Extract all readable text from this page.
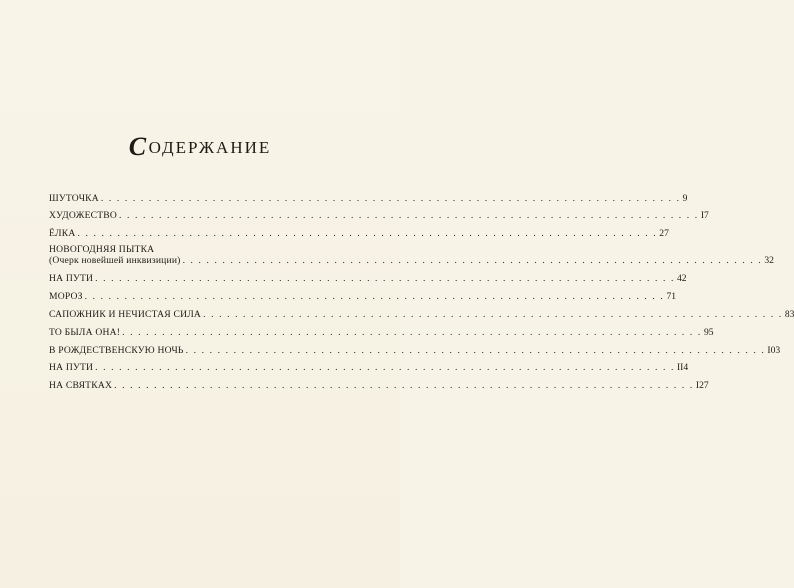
СОДЕРЖАНИЕ
ШУТОЧКА . . . . . . . . . . . . . . . . . . . . . . . . . . . . . . . . . . . . . . . . . . . . . . . . . . . . . . . . . . . . . . . . . . . . . . . . . 9
ХУДОЖЕСТВО . . . . . . . . . . . . . . . . . . . . . . . . . . . . . . . . . . . . . . . . . . . . . . . . . . . . . . . . . . . . . . . . . . . . . . . . . I7
ЁЛКА . . . . . . . . . . . . . . . . . . . . . . . . . . . . . . . . . . . . . . . . . . . . . . . . . . . . . . . . . . . . . . . . . . . . . . . . . 27
НОВОГОДНЯЯ ПЫТКА
(Очерк новейшей инквизиции) . . . . . . . . . . . . . . . . . . . . . . . . . . . . . . . . . . . . . . . . . . . . . . . . . . . . . . . . . . . . . . . . . . . . . . . . . 32
НА ПУТИ . . . . . . . . . . . . . . . . . . . . . . . . . . . . . . . . . . . . . . . . . . . . . . . . . . . . . . . . . . . . . . . . . . . . . . . . . 42
МОРОЗ . . . . . . . . . . . . . . . . . . . . . . . . . . . . . . . . . . . . . . . . . . . . . . . . . . . . . . . . . . . . . . . . . . . . . . . . . 71
САПОЖНИК И НЕЧИСТАЯ СИЛА . . . . . . . . . . . . . . . . . . . . . . . . . . . . . . . . . . . . . . . . . . . . . . . . . . . . . . . . . . . . . . . . . . . . . . . . . 83
ТО БЫЛА ОНА! . . . . . . . . . . . . . . . . . . . . . . . . . . . . . . . . . . . . . . . . . . . . . . . . . . . . . . . . . . . . . . . . . . . . . . . . . 95
В РОЖДЕСТВЕНСКУЮ НОЧЬ . . . . . . . . . . . . . . . . . . . . . . . . . . . . . . . . . . . . . . . . . . . . . . . . . . . . . . . . . . . . . . . . . . . . . . . . . I03
НА ПУТИ . . . . . . . . . . . . . . . . . . . . . . . . . . . . . . . . . . . . . . . . . . . . . . . . . . . . . . . . . . . . . . . . . . . . . . . . . II4
НА СВЯТКАХ . . . . . . . . . . . . . . . . . . . . . . . . . . . . . . . . . . . . . . . . . . . . . . . . . . . . . . . . . . . . . . . . . . . . . . . . . I27
